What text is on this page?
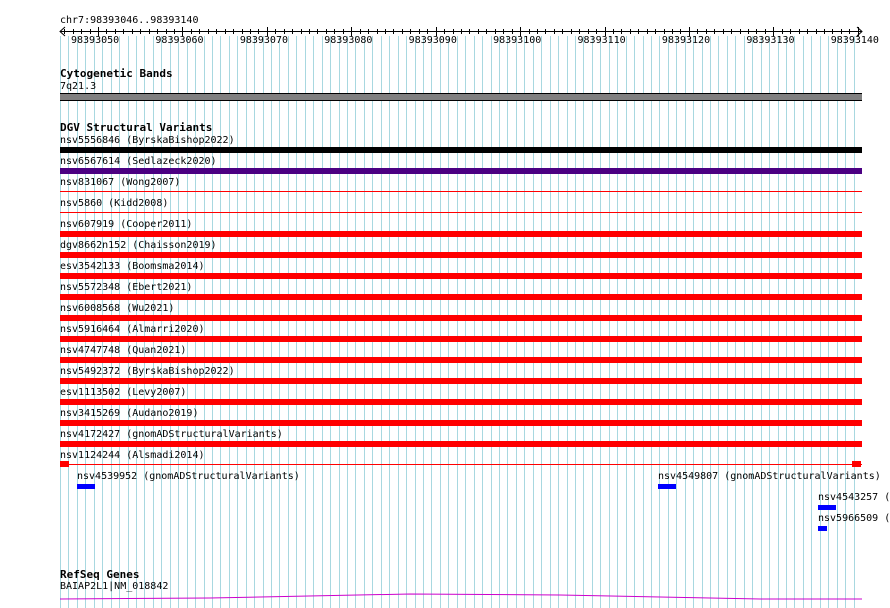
chr7:98393046..98393140
98393050	98393060	98393070	98393080	98393090	98393100	98393110	98393120	98393130	98393140
Cytogenetic Bands
7q21.3
DGV Structural Variants
nsv5556846 (ByrskaBishop2022)
nsv6567614 (Sedlazeck2020)
nsv831067 (Wong2007)
nsv5860 (Kidd2008)
nsv607919 (Cooper2011)
dgv8662n152 (Chaisson2019)
esv3542133 (Boomsma2014)
nsv5572348 (Ebert2021)
nsv6008568 (Wu2021)
nsv5916464 (Almarri2020)
nsv4747748 (Quan2021)
nsv5492372 (ByrskaBishop2022)
esv1113502 (Levy2007)
nsv3415269 (Audano2019)
nsv4172427 (gnomADStructuralVariants)
nsv1124244 (Alsmadi2014)
nsv4539952 (gnomADStructuralVariants)	nsv4549807 (gnomADStructuralVariants)
nsv4543257 (
nsv5966509 (
RefSeq Genes
BAIAP2L1|NM_018842
